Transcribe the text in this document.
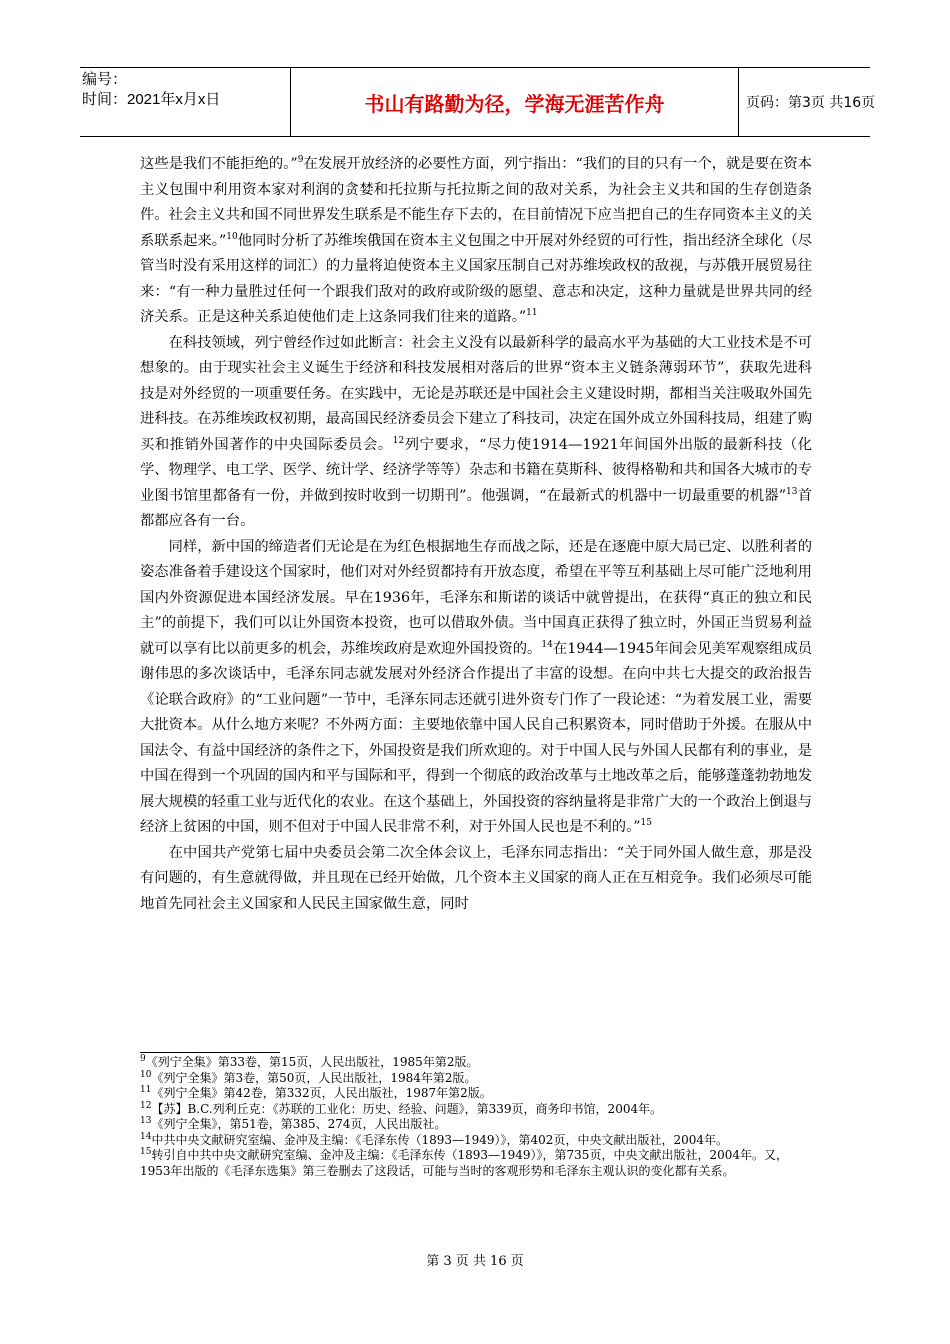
编号：
时间：2021年x月x日	书山有路勤为径，学海无涯苦作舟	页码：第3页 共16页

这些是我们不能拒绝的。”$^9$在发展开放经济的必要性方面，列宁指出：“我们的目的只有一个，就是要在资本主义包围中利用资本家对利润的贪婪和托拉斯与托拉斯之间的敌对关系，为社会主义共和国的生存创造条件。社会主义共和国不同世界发生联系是不能生存下去的，在目前情况下应当把自己的生存同资本主义的关系联系起来。”$^{10}$他同时分析了苏维埃俄国在资本主义包围之中开展对外经贸的可行性，指出经济全球化（尽管当时没有采用这样的词汇）的力量将迫使资本主义国家压制自己对苏维埃政权的敌视，与苏俄开展贸易往来：“有一种力量胜过任何一个跟我们敌对的政府或阶级的愿望、意志和决定，这种力量就是世界共同的经济关系。正是这种关系迫使他们走上这条同我们往来的道路。”$^{11}$

在科技领域，列宁曾经作过如此断言：社会主义没有以最新科学的最高水平为基础的大工业技术是不可想象的。由于现实社会主义诞生于经济和科技发展相对落后的世界“资本主义链条薄弱环节”，获取先进科技是对外经贸的一项重要任务。在实践中，无论是苏联还是中国社会主义建设时期，都相当关注吸取外国先进科技。在苏维埃政权初期，最高国民经济委员会下建立了科技司，决定在国外成立外国科技局，组建了购买和推销外国著作的中央国际委员会。$^{12}$列宁要求，“尽力使1914—1921年间国外出版的最新科技（化学、物理学、电工学、医学、统计学、经济学等等）杂志和书籍在莫斯科、彼得格勒和共和国各大城市的专业图书馆里都备有一份，并做到按时收到一切期刊”。他强调，“在最新式的机器中一切最重要的机器”$^{13}$首都都应各有一台。

同样，新中国的缔造者们无论是在为红色根据地生存而战之际，还是在逐鹿中原大局已定、以胜利者的姿态准备着手建设这个国家时，他们对对外经贸都持有开放态度，希望在平等互利基础上尽可能广泛地利用国内外资源促进本国经济发展。早在1936年，毛泽东和斯诺的谈话中就曾提出，在获得“真正的独立和民主”的前提下，我们可以让外国资本投资，也可以借取外债。当中国真正获得了独立时，外国正当贸易利益就可以享有比以前更多的机会，苏维埃政府是欢迎外国投资的。$^{14}$在1944—1945年间会见美军观察组成员谢伟思的多次谈话中，毛泽东同志就发展对外经济合作提出了丰富的设想。在向中共七大提交的政治报告《论联合政府》的“工业问题”一节中，毛泽东同志还就引进外资专门作了一段论述：“为着发展工业，需要大批资本。从什么地方来呢？不外两方面：主要地依靠中国人民自己积累资本，同时借助于外援。在服从中国法令、有益中国经济的条件之下，外国投资是我们所欢迎的。对于中国人民与外国人民都有利的事业，是中国在得到一个巩固的国内和平与国际和平，得到一个彻底的政治改革与土地改革之后，能够蓬蓬勃勃地发展大规模的轻重工业与近代化的农业。在这个基础上，外国投资的容纳量将是非常广大的一个政治上倒退与经济上贫困的中国，则不但对于中国人民非常不利，对于外国人民也是不利的。”$^{15}$

在中国共产党第七届中央委员会第二次全体会议上，毛泽东同志指出：“关于同外国人做生意，那是没有问题的，有生意就得做，并且现在已经开始做，几个资本主义国家的商人正在互相竞争。我们必须尽可能地首先同社会主义国家和人民民主国家做生意，同时

$^9$《列宁全集》第33卷，第15页，人民出版社，1985年第2版。

$^{10}$《列宁全集》第3卷，第50页，人民出版社，1984年第2版。

$^{11}$《列宁全集》第42卷，第332页，人民出版社，1987年第2版。

$^{12}$【苏】B.C.列利丘克：《苏联的工业化：历史、经验、问题》，第339页，商务印书馆，2004年。

$^{13}$《列宁全集》，第51卷，第385、274页，人民出版社。

$^{14}$中共中央文献研究室编、金冲及主编：《毛泽东传（1893—1949）》，第402页，中央文献出版社，2004年。

$^{15}$转引自中共中央文献研究室编、金冲及主编：《毛泽东传（1893—1949）》，第735页，中央文献出版社，2004年。又，1953年出版的《毛泽东选集》第三卷删去了这段话，可能与当时的客观形势和毛泽东主观认识的变化都有关系。

第 3 页 共 16 页
